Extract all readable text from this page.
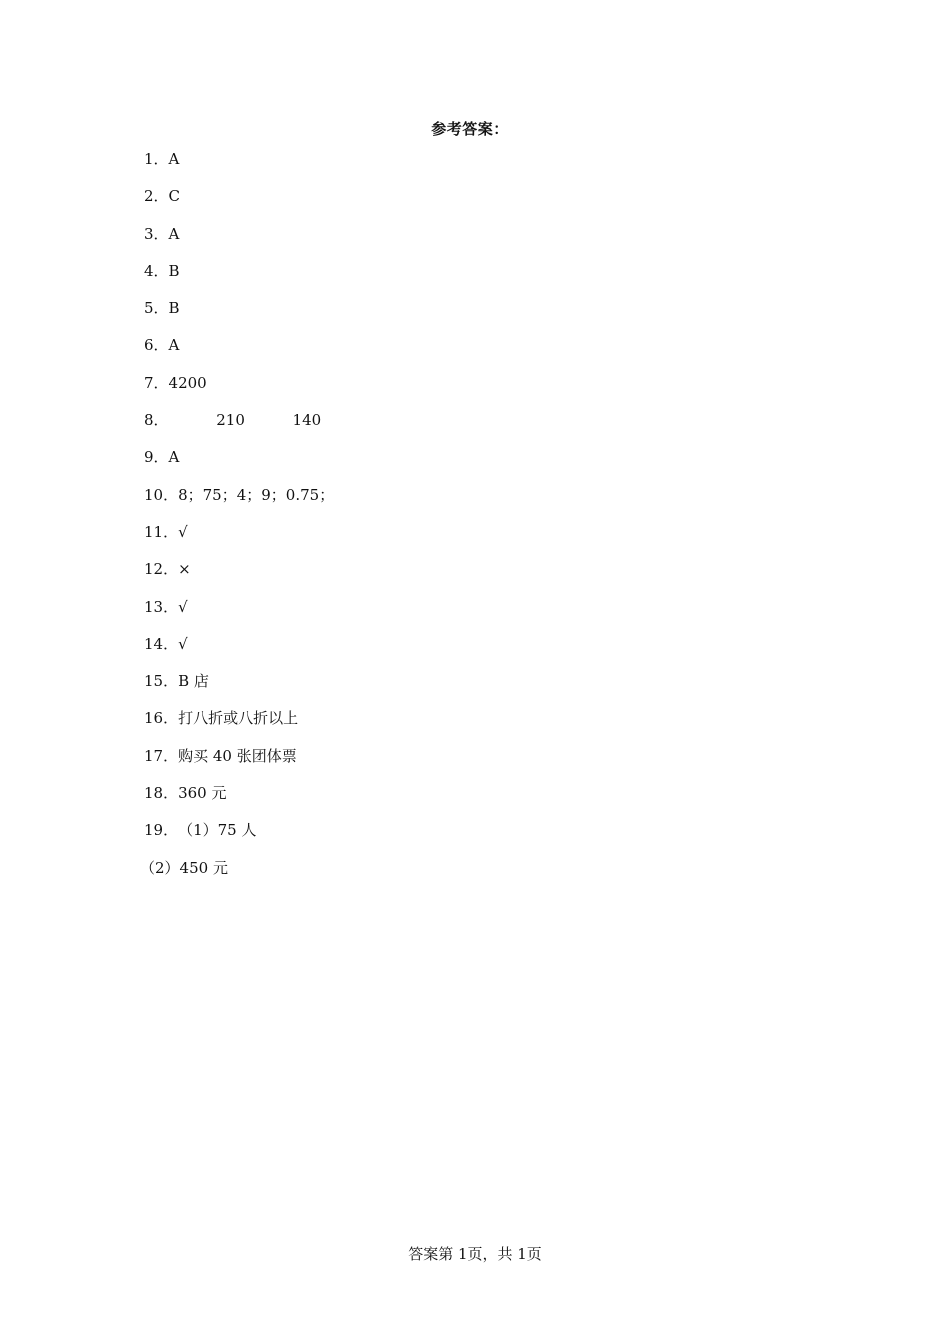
参考答案：
1．A
2．C
3．A
4．B
5．B
6．A
7．4200
8．          210          140
9．A
10．8；75；4；9；0.75；
11．√
12．×
13．√
14．√
15．B 店
16．打八折或八折以上
17．购买 40 张团体票
18．360 元
19．（1）75 人
（2）450 元
答案第 1页，共 1页
